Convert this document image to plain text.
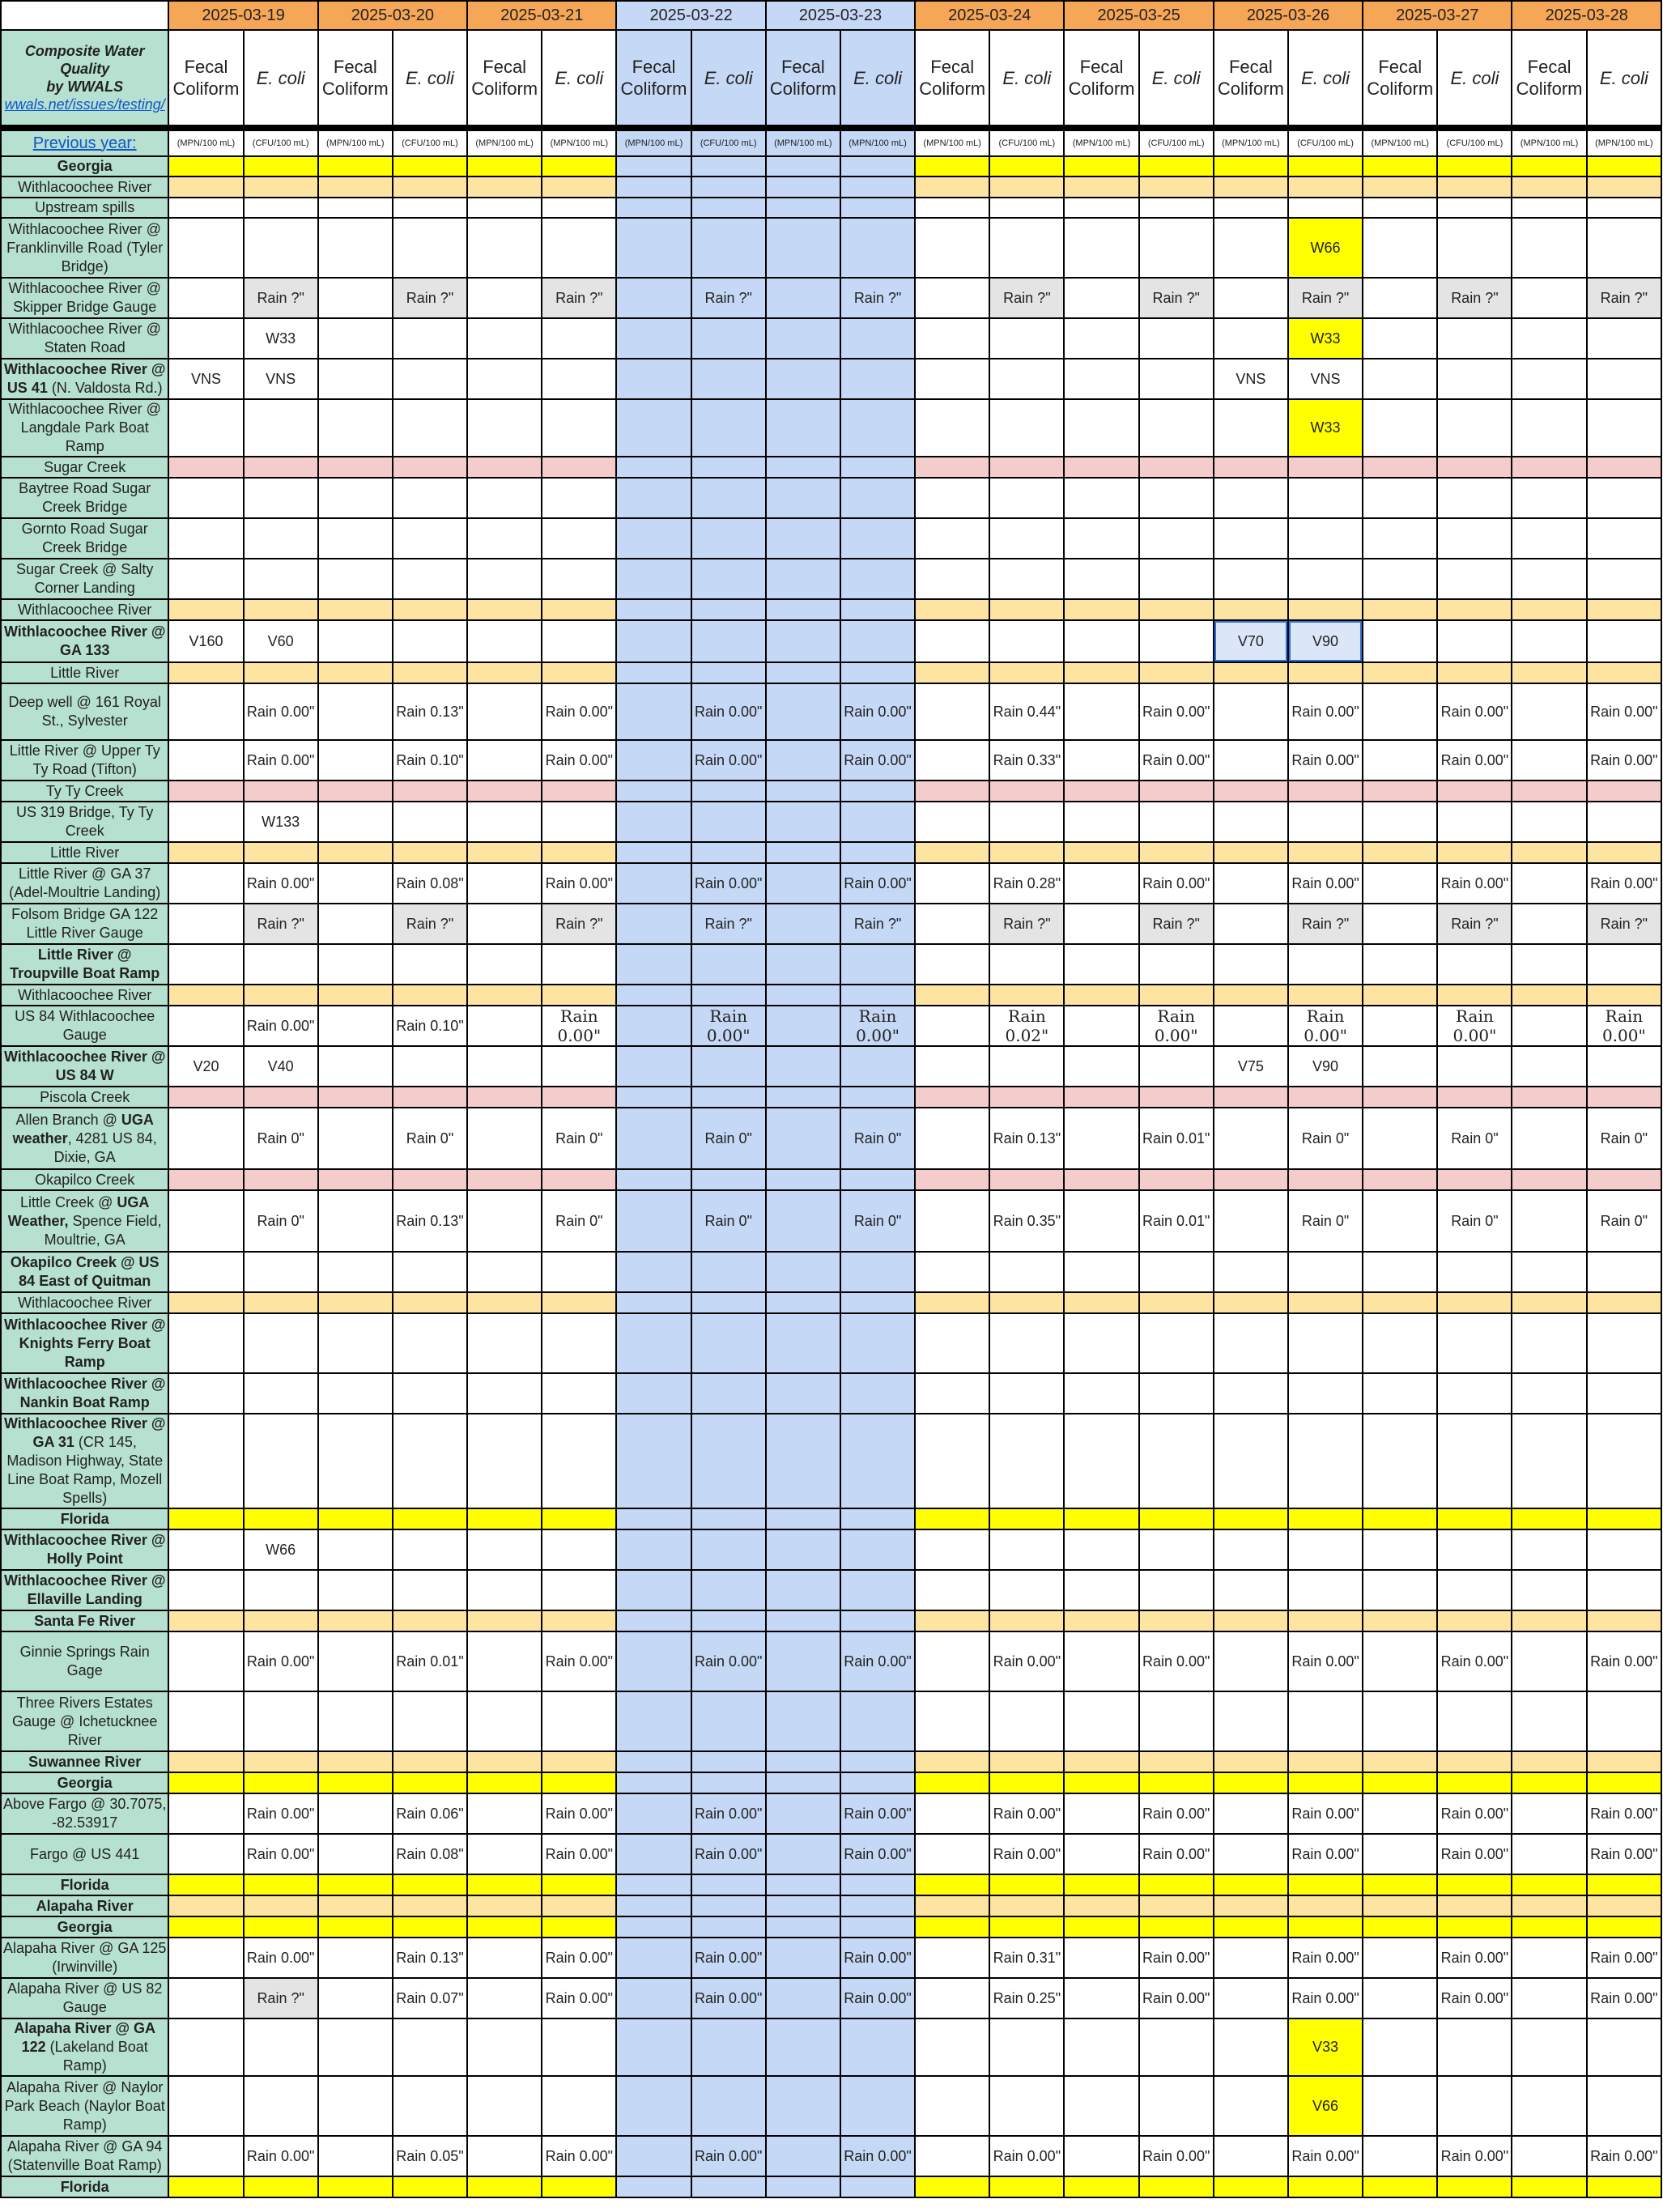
	2025-03-19		2025-03-20		2025-03-21		2025-03-22		2025-03-23		2025-03-24		2025-03-25		2025-03-26		2025-03-27		2025-03-28	

Composite Water
Quality
by WWALS
wwals.net/issues/testing/	Fecal Coliform	E. coli	Fecal Coliform	E. coli	Fecal Coliform	E. coli	Fecal Coliform	E. coli	Fecal Coliform	E. coli	Fecal Coliform	E. coli	Fecal Coliform	E. coli	Fecal Coliform	E. coli	Fecal Coliform	E. coli	Fecal Coliform	E. coli

Previous year:	(MPN/100 mL)	(CFU/100 mL)	(MPN/100 mL)	(CFU/100 mL)	(MPN/100 mL)	(MPN/100 mL)	(MPN/100 mL)	(CFU/100 mL)	(MPN/100 mL)	(MPN/100 mL)	(MPN/100 mL)	(CFU/100 mL)	(MPN/100 mL)	(CFU/100 mL)	(MPN/100 mL)	(CFU/100 mL)	(MPN/100 mL)	(CFU/100 mL)	(MPN/100 mL)	(MPN/100 mL)
Georgia																				
Withlacoochee River																				
Upstream spills																				
Withlacoochee River @ Franklinville Road (Tyler Bridge)																W66				
Withlacoochee River @ Skipper Bridge Gauge		Rain ?"		Rain ?"		Rain ?"		Rain ?"		Rain ?"		Rain ?"		Rain ?"		Rain ?"		Rain ?"		Rain ?"
Withlacoochee River @ Staten Road		W33														W33				
Withlacoochee River @ US 41 (N. Valdosta Rd.)	VNS	VNS													VNS	VNS				
Withlacoochee River @ Langdale Park Boat Ramp																W33				
Sugar Creek																				
Baytree Road Sugar Creek Bridge																				
Gornto Road Sugar Creek Bridge																				
Sugar Creek @ Salty Corner Landing																				
Withlacoochee River																				
Withlacoochee River @ GA 133	V160	V60													V70	V90				
Little River																				
Deep well @ 161 Royal St., Sylvester		Rain 0.00"		Rain 0.13"		Rain 0.00"		Rain 0.00"		Rain 0.00"		Rain 0.44"		Rain 0.00"		Rain 0.00"		Rain 0.00"		Rain 0.00"
Little River @ Upper Ty Ty Road (Tifton)		Rain 0.00"		Rain 0.10"		Rain 0.00"		Rain 0.00"		Rain 0.00"		Rain 0.33"		Rain 0.00"		Rain 0.00"		Rain 0.00"		Rain 0.00"
Ty Ty Creek																				
US 319 Bridge, Ty Ty Creek		W133																		
Little River																				
Little River @ GA 37 (Adel-Moultrie Landing)		Rain 0.00"		Rain 0.08"		Rain 0.00"		Rain 0.00"		Rain 0.00"		Rain 0.28"		Rain 0.00"		Rain 0.00"		Rain 0.00"		Rain 0.00"
Folsom Bridge GA 122 Little River Gauge		Rain ?"		Rain ?"		Rain ?"		Rain ?"		Rain ?"		Rain ?"		Rain ?"		Rain ?"		Rain ?"		Rain ?"
Little River @ Troupville Boat Ramp																				
Withlacoochee River																				
US 84 Withlacoochee Gauge		Rain 0.00"		Rain 0.10"		Rain 0.00"		Rain 0.00"		Rain 0.00"		Rain 0.02"		Rain 0.00"		Rain 0.00"		Rain 0.00"		Rain 0.00"
Withlacoochee River @ US 84 W	V20	V40													V75	V90				
Piscola Creek																				
Allen Branch @ UGA weather, 4281 US 84, Dixie, GA		Rain 0"		Rain 0"		Rain 0"		Rain 0"		Rain 0"		Rain 0.13"		Rain 0.01"		Rain 0"		Rain 0"		Rain 0"
Okapilco Creek																				
Little Creek @ UGA Weather, Spence Field, Moultrie, GA		Rain 0"		Rain 0.13"		Rain 0"		Rain 0"		Rain 0"		Rain 0.35"		Rain 0.01"		Rain 0"		Rain 0"		Rain 0"
Okapilco Creek @ US 84 East of Quitman																				
Withlacoochee River																				
Withlacoochee River @ Knights Ferry Boat Ramp																				
Withlacoochee River @ Nankin Boat Ramp																				
Withlacoochee River @ GA 31 (CR 145, Madison Highway, State Line Boat Ramp, Mozell Spells)																				
Florida																				
Withlacoochee River @ Holly Point		W66																		
Withlacoochee River @ Ellaville Landing																				
Santa Fe River																				
Ginnie Springs Rain Gage		Rain 0.00"		Rain 0.01"		Rain 0.00"		Rain 0.00"		Rain 0.00"		Rain 0.00"		Rain 0.00"		Rain 0.00"		Rain 0.00"		Rain 0.00"
Three Rivers Estates Gauge @ Ichetucknee River																				
Suwannee River																				
Georgia																				
Above Fargo @ 30.7075, -82.53917		Rain 0.00"		Rain 0.06"		Rain 0.00"		Rain 0.00"		Rain 0.00"		Rain 0.00"		Rain 0.00"		Rain 0.00"		Rain 0.00"		Rain 0.00"
Fargo @ US 441		Rain 0.00"		Rain 0.08"		Rain 0.00"		Rain 0.00"		Rain 0.00"		Rain 0.00"		Rain 0.00"		Rain 0.00"		Rain 0.00"		Rain 0.00"
Florida																				
Alapaha River																				
Georgia																				
Alapaha River @ GA 125 (Irwinville)		Rain 0.00"		Rain 0.13"		Rain 0.00"		Rain 0.00"		Rain 0.00"		Rain 0.31"		Rain 0.00"		Rain 0.00"		Rain 0.00"		Rain 0.00"
Alapaha River @ US 82 Gauge		Rain ?"		Rain 0.07"		Rain 0.00"		Rain 0.00"		Rain 0.00"		Rain 0.25"		Rain 0.00"		Rain 0.00"		Rain 0.00"		Rain 0.00"
Alapaha River @ GA 122 (Lakeland Boat Ramp)																V33				
Alapaha River @ Naylor Park Beach (Naylor Boat Ramp)																V66				
Alapaha River @ GA 94 (Statenville Boat Ramp)		Rain 0.00"		Rain 0.05"		Rain 0.00"		Rain 0.00"		Rain 0.00"		Rain 0.00"		Rain 0.00"		Rain 0.00"		Rain 0.00"		Rain 0.00"
Florida																				
